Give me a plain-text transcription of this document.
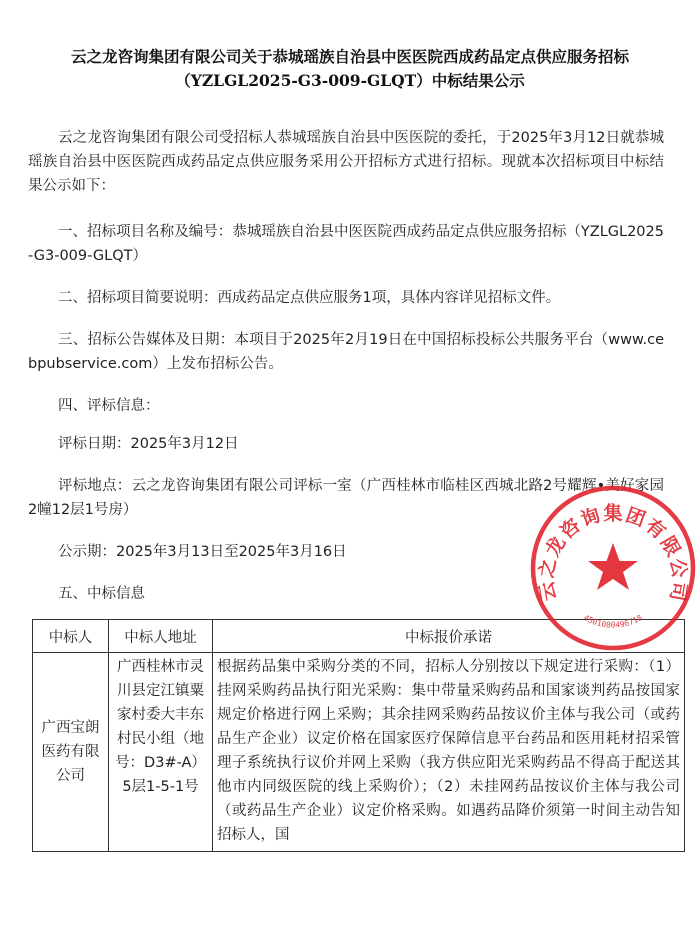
云之龙咨询集团有限公司关于恭城瑶族自治县中医医院西成药品定点供应服务招标（YZLGL2025-G3-009-GLQT）中标结果公示

云之龙咨询集团有限公司受招标人恭城瑶族自治县中医医院的委托，于2025年3月12日就恭城瑶族自治县中医医院西成药品定点供应服务采用公开招标方式进行招标。现就本次招标项目中标结果公示如下：

一、招标项目名称及编号：恭城瑶族自治县中医医院西成药品定点供应服务招标（YZLGL2025-G3-009-GLQT）

二、招标项目简要说明：西成药品定点供应服务1项，具体内容详见招标文件。

三、招标公告媒体及日期：本项目于2025年2月19日在中国招标投标公共服务平台（www.cebpubservice.com）上发布招标公告。

四、评标信息：

评标日期：2025年3月12日

评标地点：云之龙咨询集团有限公司评标一室（广西桂林市临桂区西城北路2号耀辉•美好家园2幢12层1号房）

公示期：2025年3月13日至2025年3月16日

五、中标信息

中标人	中标人地址	中标报价承诺

广西宝朗医药有限公司	广西桂林市灵川县定江镇粟家村委大丰东村民小组（地号：D3#-A）5层1-5-1号	根据药品集中采购分类的不同，招标人分别按以下规定进行采购：（1）挂网采购药品执行阳光采购：集中带量采购药品和国家谈判药品按国家规定价格进行网上采购；其余挂网采购药品按议价主体与我公司（或药品生产企业）议定价格在国家医疗保障信息平台药品和医用耗材招采管理子系统执行议价并网上采购（我方供应阳光采购药品不得高于配送其他市内同级医院的线上采购价）；（2）未挂网药品按议价主体与我公司（或药品生产企业）议定价格采购。如遇药品降价须第一时间主动告知招标人，国
云之龙咨询集团有限公司
4501080496718
